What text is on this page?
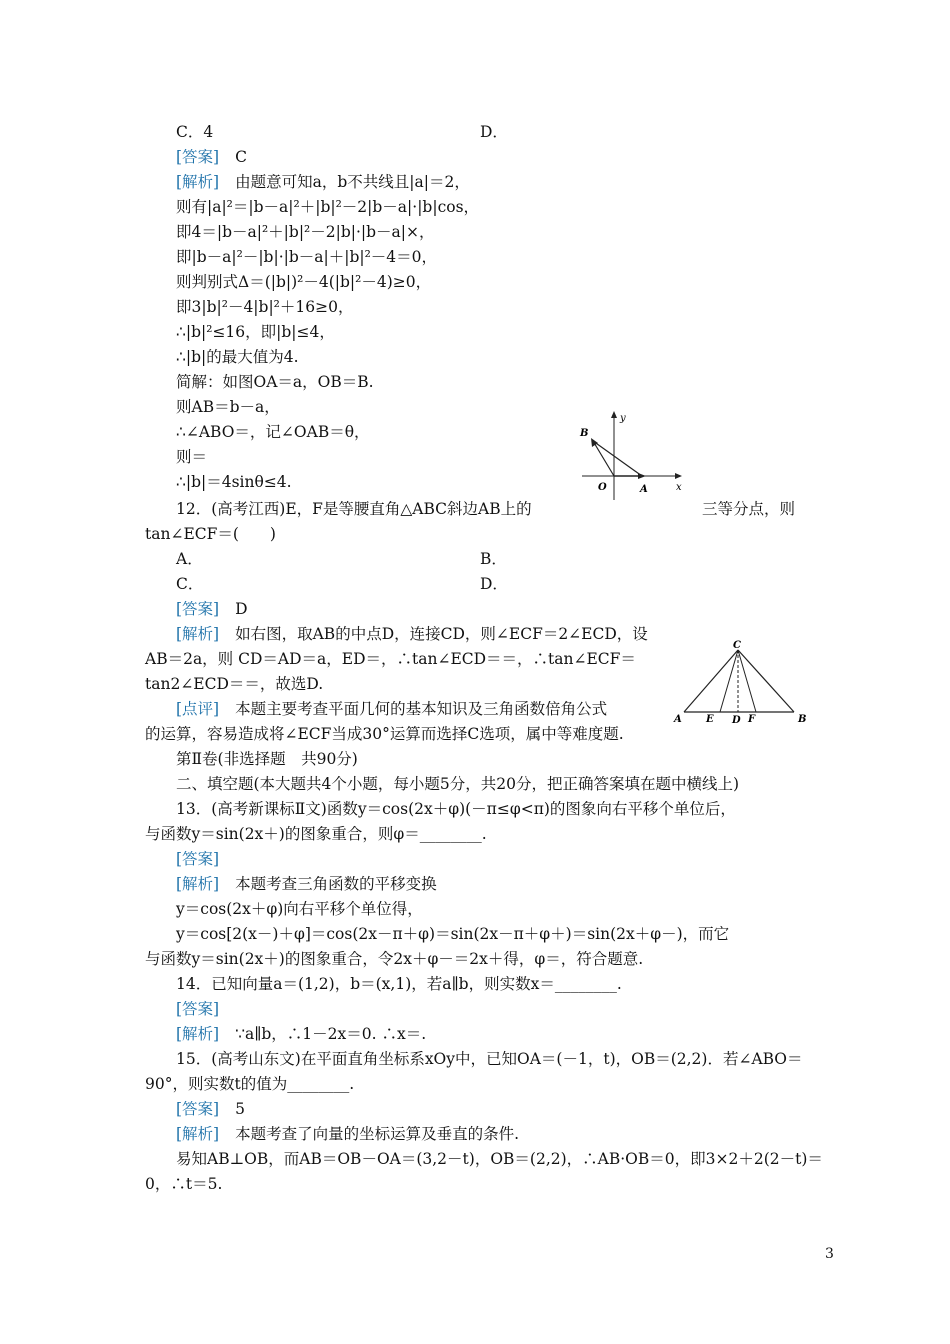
C．4	D．
[答案] C
[解析] 由题意可知a，b不共线且|a|＝2，
则有|a|²＝|b－a|²＋|b|²－2|b－a|·|b|cos，
即4＝|b－a|²＋|b|²－2|b|·|b－a|×，
即|b－a|²－|b|·|b－a|＋|b|²－4＝0，
则判别式Δ＝(|b|)²－4(|b|²－4)≥0，
即3|b|²－4|b|²＋16≥0，
∴|b|²≤16，即|b|≤4，
∴|b|的最大值为4.
简解：如图OA＝a，OB＝B.
则AB＝b－a，
∴∠ABO＝，记∠OAB＝θ，
则＝
∴|b|＝4sinθ≤4.
12．(高考江西)E，F是等腰直角△ABC斜边AB上的	三等分点，则
tan∠ECF＝(　　)
A．	B．
C．	D．
[答案] D
[解析] 如右图，取AB的中点D，连接CD，则∠ECF＝2∠ECD，设
AB＝2a，则 CD＝AD＝a，ED＝，∴tan∠ECD＝＝，∴tan∠ECF＝
tan2∠ECD＝＝，故选D.
[点评] 本题主要考查平面几何的基本知识及三角函数倍角公式
的运算，容易造成将∠ECF当成30°运算而选择C选项，属中等难度题.
第Ⅱ卷(非选择题　共90分)
二、填空题(本大题共4个小题，每小题5分，共20分，把正确答案填在题中横线上)
13．(高考新课标Ⅱ文)函数y＝cos(2x＋φ)(－π≤φ<π)的图象向右平移个单位后，
与函数y＝sin(2x＋)的图象重合，则φ＝________.
[答案]
[解析] 本题考查三角函数的平移变换
y＝cos(2x＋φ)向右平移个单位得，
y＝cos[2(x－)＋φ]＝cos(2x－π＋φ)＝sin(2x－π＋φ＋)＝sin(2x＋φ－)，而它
与函数y＝sin(2x＋)的图象重合，令2x＋φ－＝2x＋得，φ＝，符合题意.
14．已知向量a＝(1,2)，b＝(x,1)，若a∥b，则实数x＝________.
[答案]
[解析] ∵a∥b，∴1－2x＝0. ∴x＝.
15．(高考山东文)在平面直角坐标系xOy中，已知OA＝(－1，t)，OB＝(2,2)．若∠ABO＝
90°，则实数t的值为________.
[答案] 5
[解析] 本题考查了向量的坐标运算及垂直的条件.
易知AB⊥OB，而AB＝OB－OA＝(3,2－t)，OB＝(2,2)，∴AB·OB＝0，即3×2＋2(2－t)＝
0，∴t＝5.
y
x
O	A
B
C
A E D F	B
3
